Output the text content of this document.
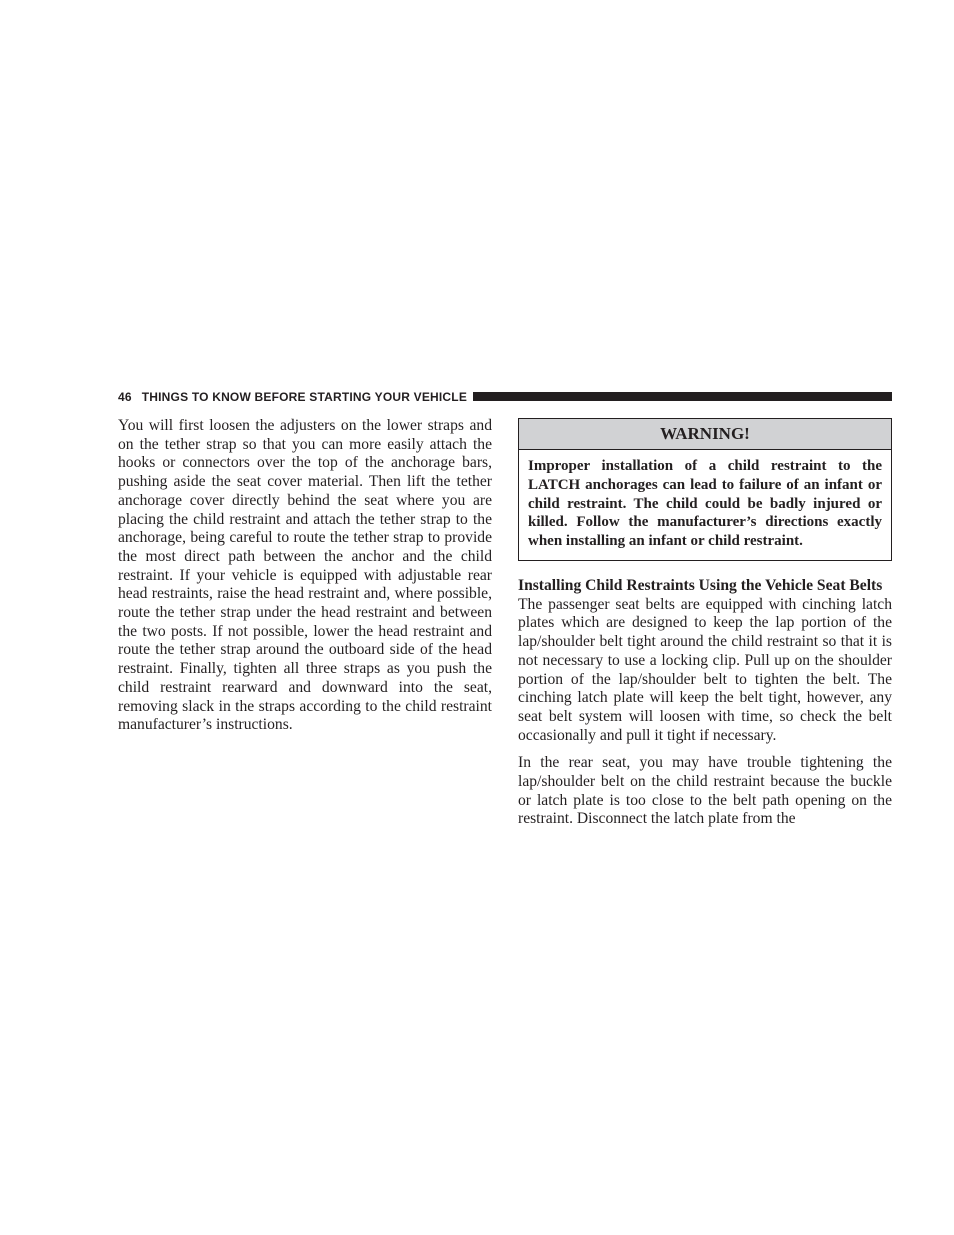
46 THINGS TO KNOW BEFORE STARTING YOUR VEHICLE

You will first loosen the adjusters on the lower straps and on the tether strap so that you can more easily attach the hooks or connectors over the top of the anchorage bars, pushing aside the seat cover material. Then lift the tether anchorage cover directly behind the seat where you are placing the child restraint and attach the tether strap to the anchorage, being careful to route the tether strap to provide the most direct path between the anchor and the child restraint. If your vehicle is equipped with adjustable rear head restraints, raise the head restraint and, where possible, route the tether strap under the head restraint and between the two posts. If not possible, lower the head restraint and route the tether strap around the outboard side of the head restraint. Finally, tighten all three straps as you push the child restraint rearward and downward into the seat, removing slack in the straps according to the child restraint manufacturer’s instructions.

WARNING!
Improper installation of a child restraint to the LATCH anchorages can lead to failure of an infant or child restraint. The child could be badly injured or killed. Follow the manufacturer’s directions exactly when installing an infant or child restraint.
Installing Child Restraints Using the Vehicle Seat Belts

The passenger seat belts are equipped with cinching latch plates which are designed to keep the lap portion of the lap/shoulder belt tight around the child restraint so that it is not necessary to use a locking clip. Pull up on the shoulder portion of the lap/shoulder belt to tighten the belt. The cinching latch plate will keep the belt tight, however, any seat belt system will loosen with time, so check the belt occasionally and pull it tight if necessary.

In the rear seat, you may have trouble tightening the lap/shoulder belt on the child restraint because the buckle or latch plate is too close to the belt path opening on the restraint. Disconnect the latch plate from the
